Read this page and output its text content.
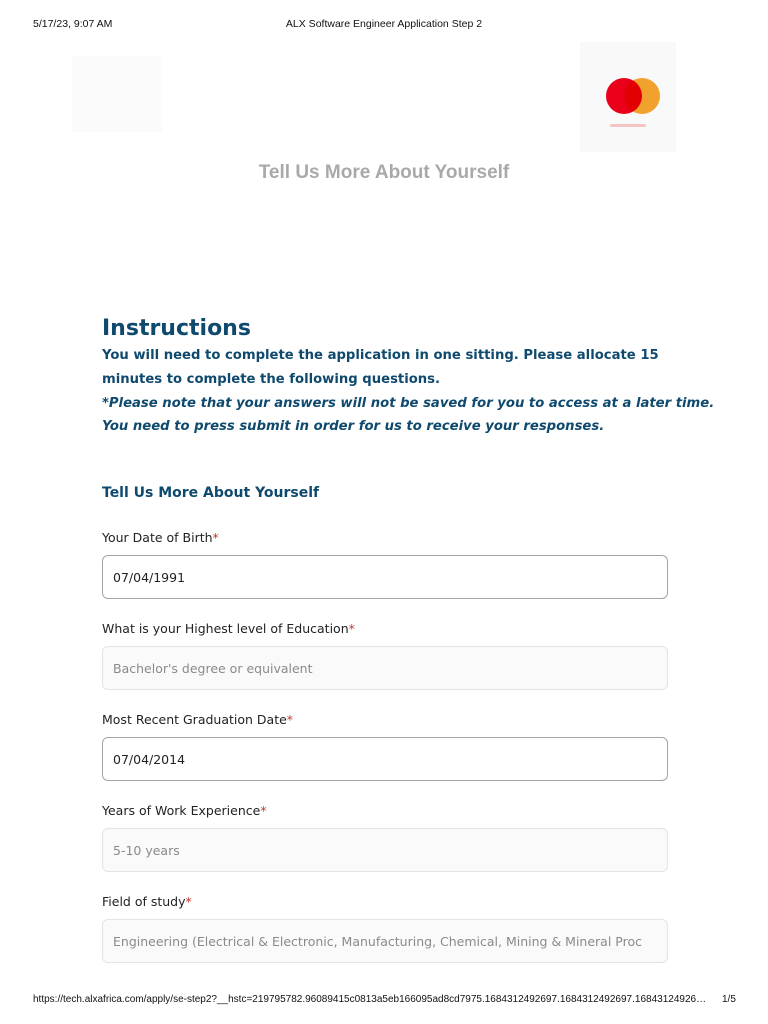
5/17/23, 9:07 AM	ALX Software Engineer Application Step 2
Tell Us More About Yourself
Instructions
You will need to complete the application in one sitting. Please allocate 15
minutes to complete the following questions.
*Please note that your answers will not be saved for you to access at a later time.
You need to press submit in order for us to receive your responses.
Tell Us More About Yourself
Your Date of Birth*
07/04/1991
What is your Highest level of Education*
Bachelor's degree or equivalent
Most Recent Graduation Date*
07/04/2014
Years of Work Experience*
5-10 years
Field of study*
Engineering (Electrical & Electronic, Manufacturing, Chemical, Mining & Mineral Proc
https://tech.alxafrica.com/apply/se-step2?__hstc=219795782.96089415c0813a5eb166095ad8cd7975.1684312492697.1684312492697.16843124926…	1/5
